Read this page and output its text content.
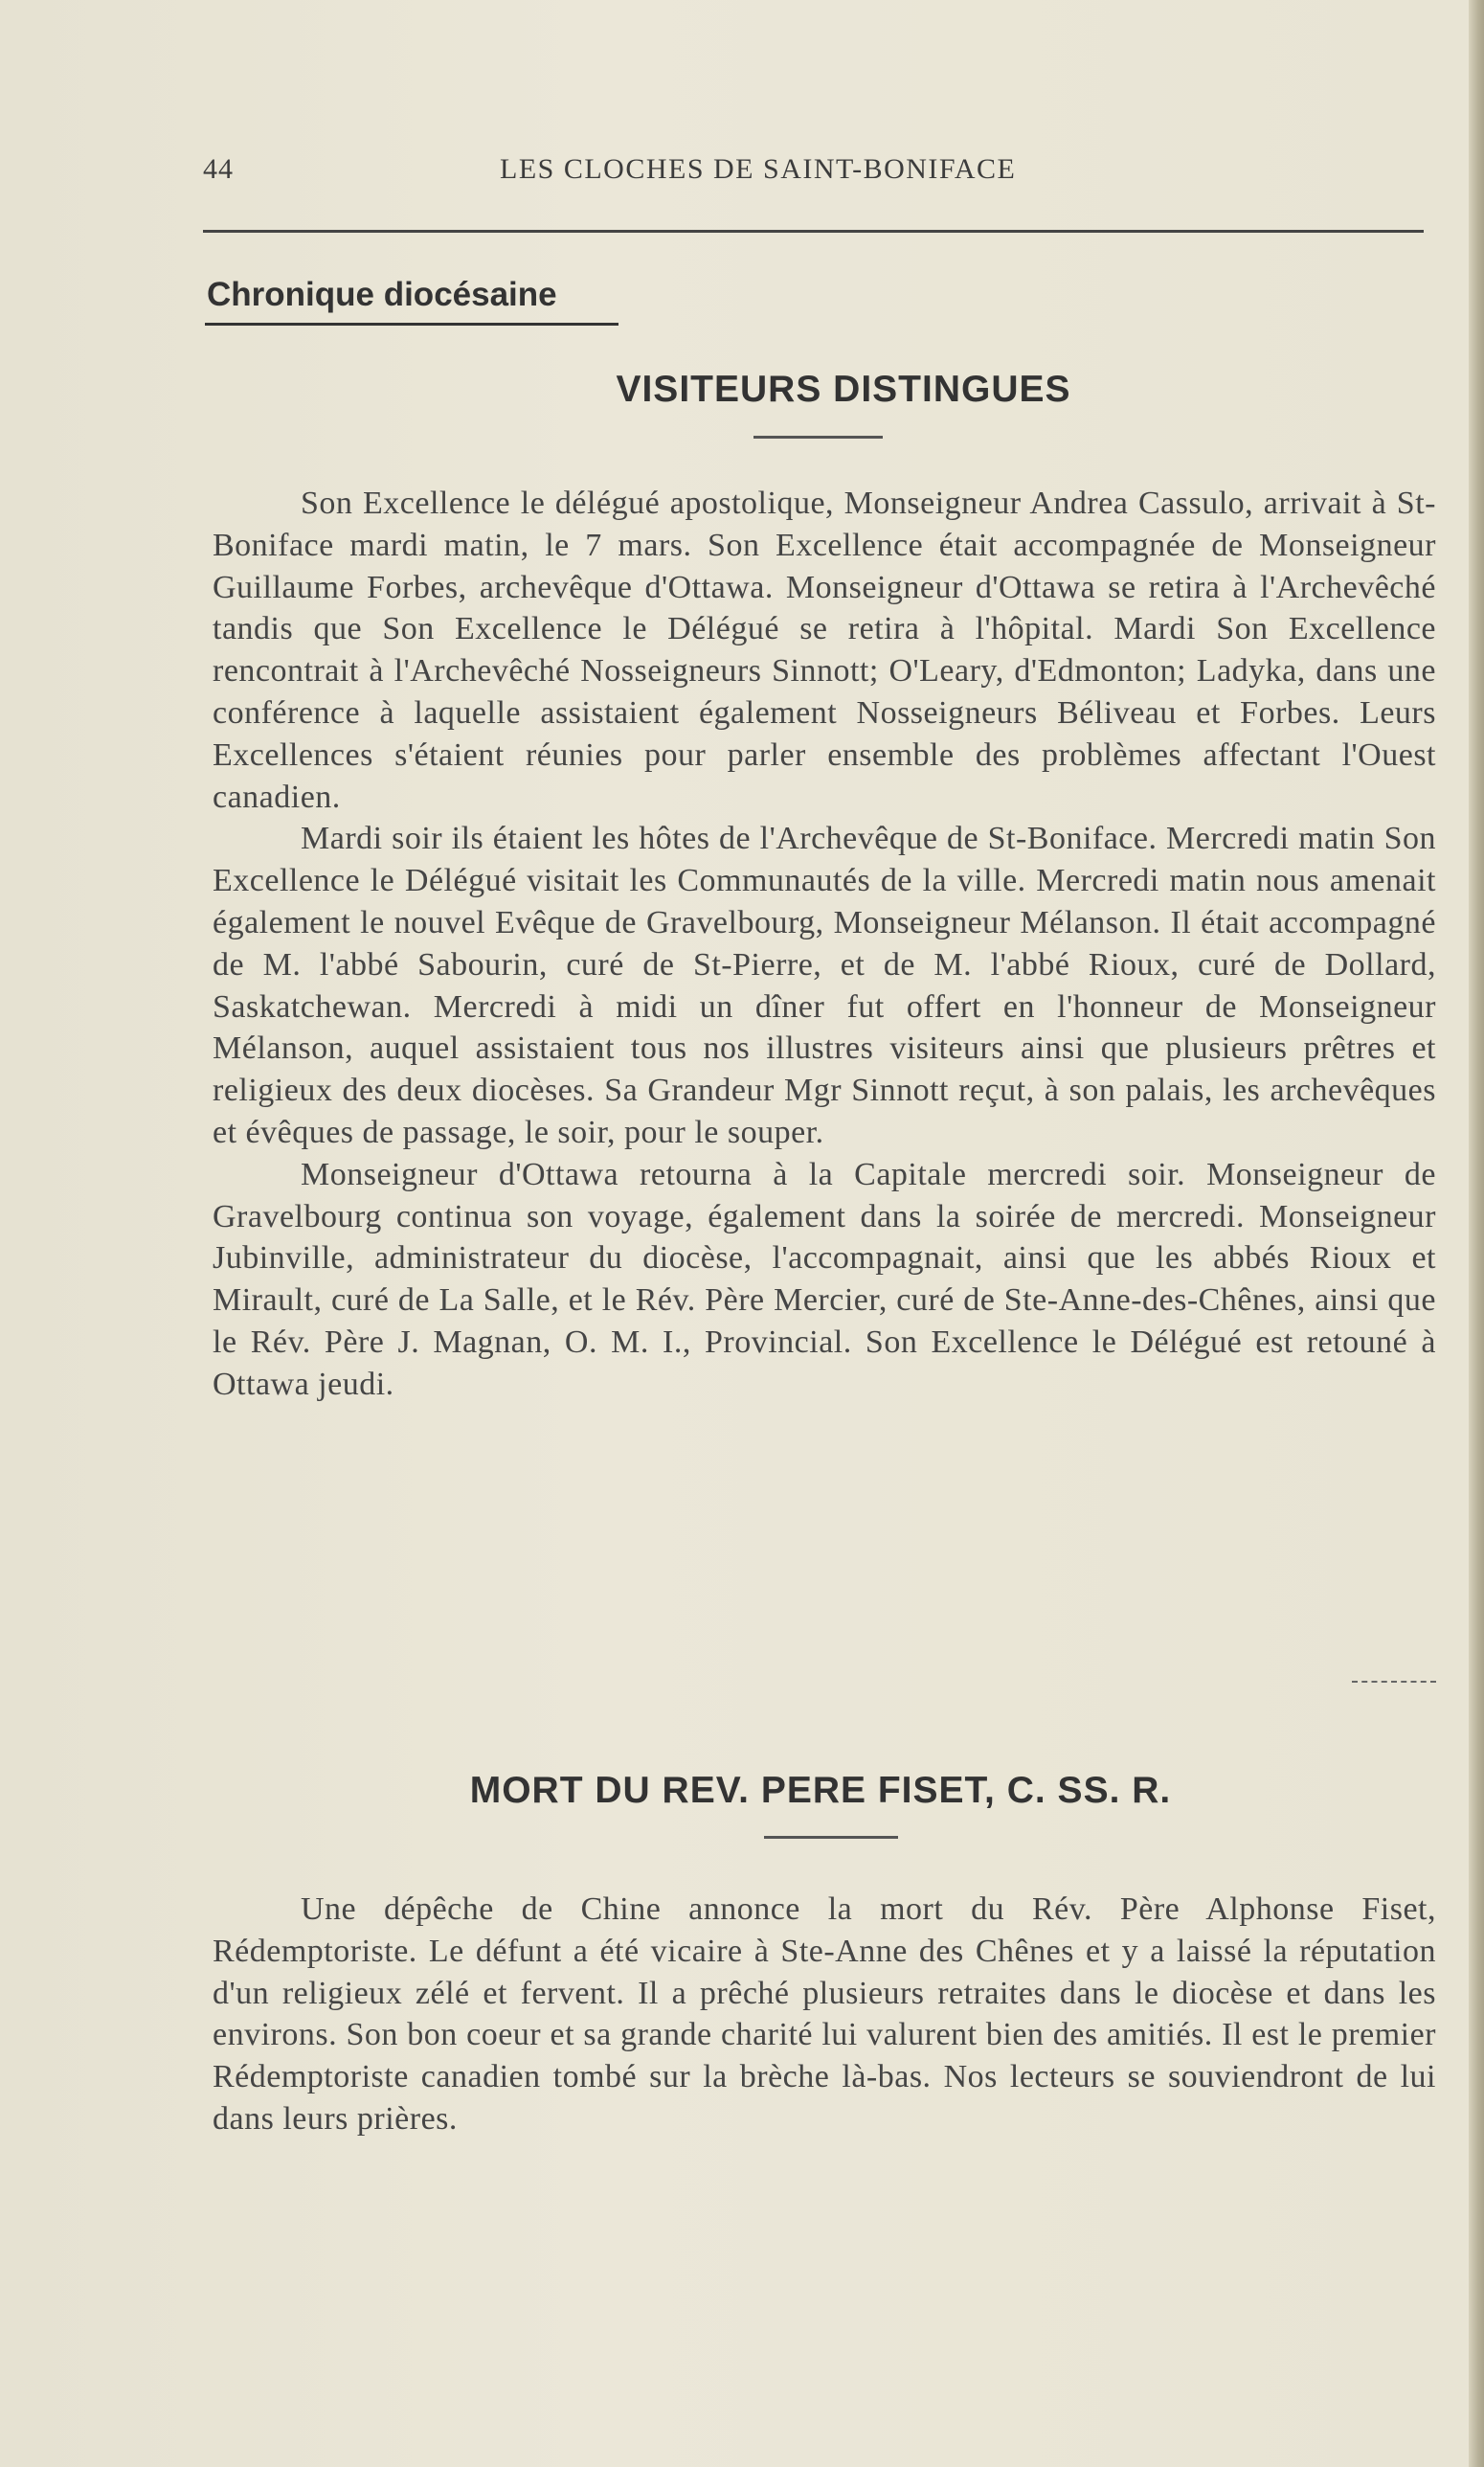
44	LES CLOCHES DE SAINT-BONIFACE
Chronique diocésaine
VISITEURS DISTINGUES

Son Excellence le délégué apostolique, Monseigneur Andrea Cassulo, arrivait à St-Boniface mardi matin, le 7 mars. Son Excellence était accompagnée de Monseigneur Guillaume Forbes, archevêque d'Ottawa. Monseigneur d'Ottawa se retira à l'Archevêché tandis que Son Excellence le Délégué se retira à l'hôpital. Mardi Son Excellence rencontrait à l'Archevêché Nosseigneurs Sinnott; O'Leary, d'Edmonton; Ladyka, dans une conférence à laquelle assistaient également Nosseigneurs Béliveau et Forbes. Leurs Excellences s'étaient réunies pour parler ensemble des problèmes affectant l'Ouest canadien.

Mardi soir ils étaient les hôtes de l'Archevêque de St-Boniface. Mercredi matin Son Excellence le Délégué visitait les Communautés de la ville. Mercredi matin nous amenait également le nouvel Evêque de Gravelbourg, Monseigneur Mélanson. Il était accompagné de M. l'abbé Sabourin, curé de St-Pierre, et de M. l'abbé Rioux, curé de Dollard, Saskatchewan. Mercredi à midi un dîner fut offert en l'honneur de Monseigneur Mélanson, auquel assistaient tous nos illustres visiteurs ainsi que plusieurs prêtres et religieux des deux diocèses. Sa Grandeur Mgr Sinnott reçut, à son palais, les archevêques et évêques de passage, le soir, pour le souper.

Monseigneur d'Ottawa retourna à la Capitale mercredi soir. Monseigneur de Gravelbourg continua son voyage, également dans la soirée de mercredi. Monseigneur Jubinville, administrateur du diocèse, l'accompagnait, ainsi que les abbés Rioux et Mirault, curé de La Salle, et le Rév. Père Mercier, curé de Ste-Anne-des-Chênes, ainsi que le Rév. Père J. Magnan, O. M. I., Provincial. Son Excellence le Délégué est retouné à Ottawa jeudi.

MORT DU REV. PERE FISET, C. SS. R.

Une dépêche de Chine annonce la mort du Rév. Père Alphonse Fiset, Rédemptoriste. Le défunt a été vicaire à Ste-Anne des Chênes et y a laissé la réputation d'un religieux zélé et fervent. Il a prêché plusieurs retraites dans le diocèse et dans les environs. Son bon coeur et sa grande charité lui valurent bien des amitiés. Il est le premier Rédemptoriste canadien tombé sur la brèche là-bas. Nos lecteurs se souviendront de lui dans leurs prières.
